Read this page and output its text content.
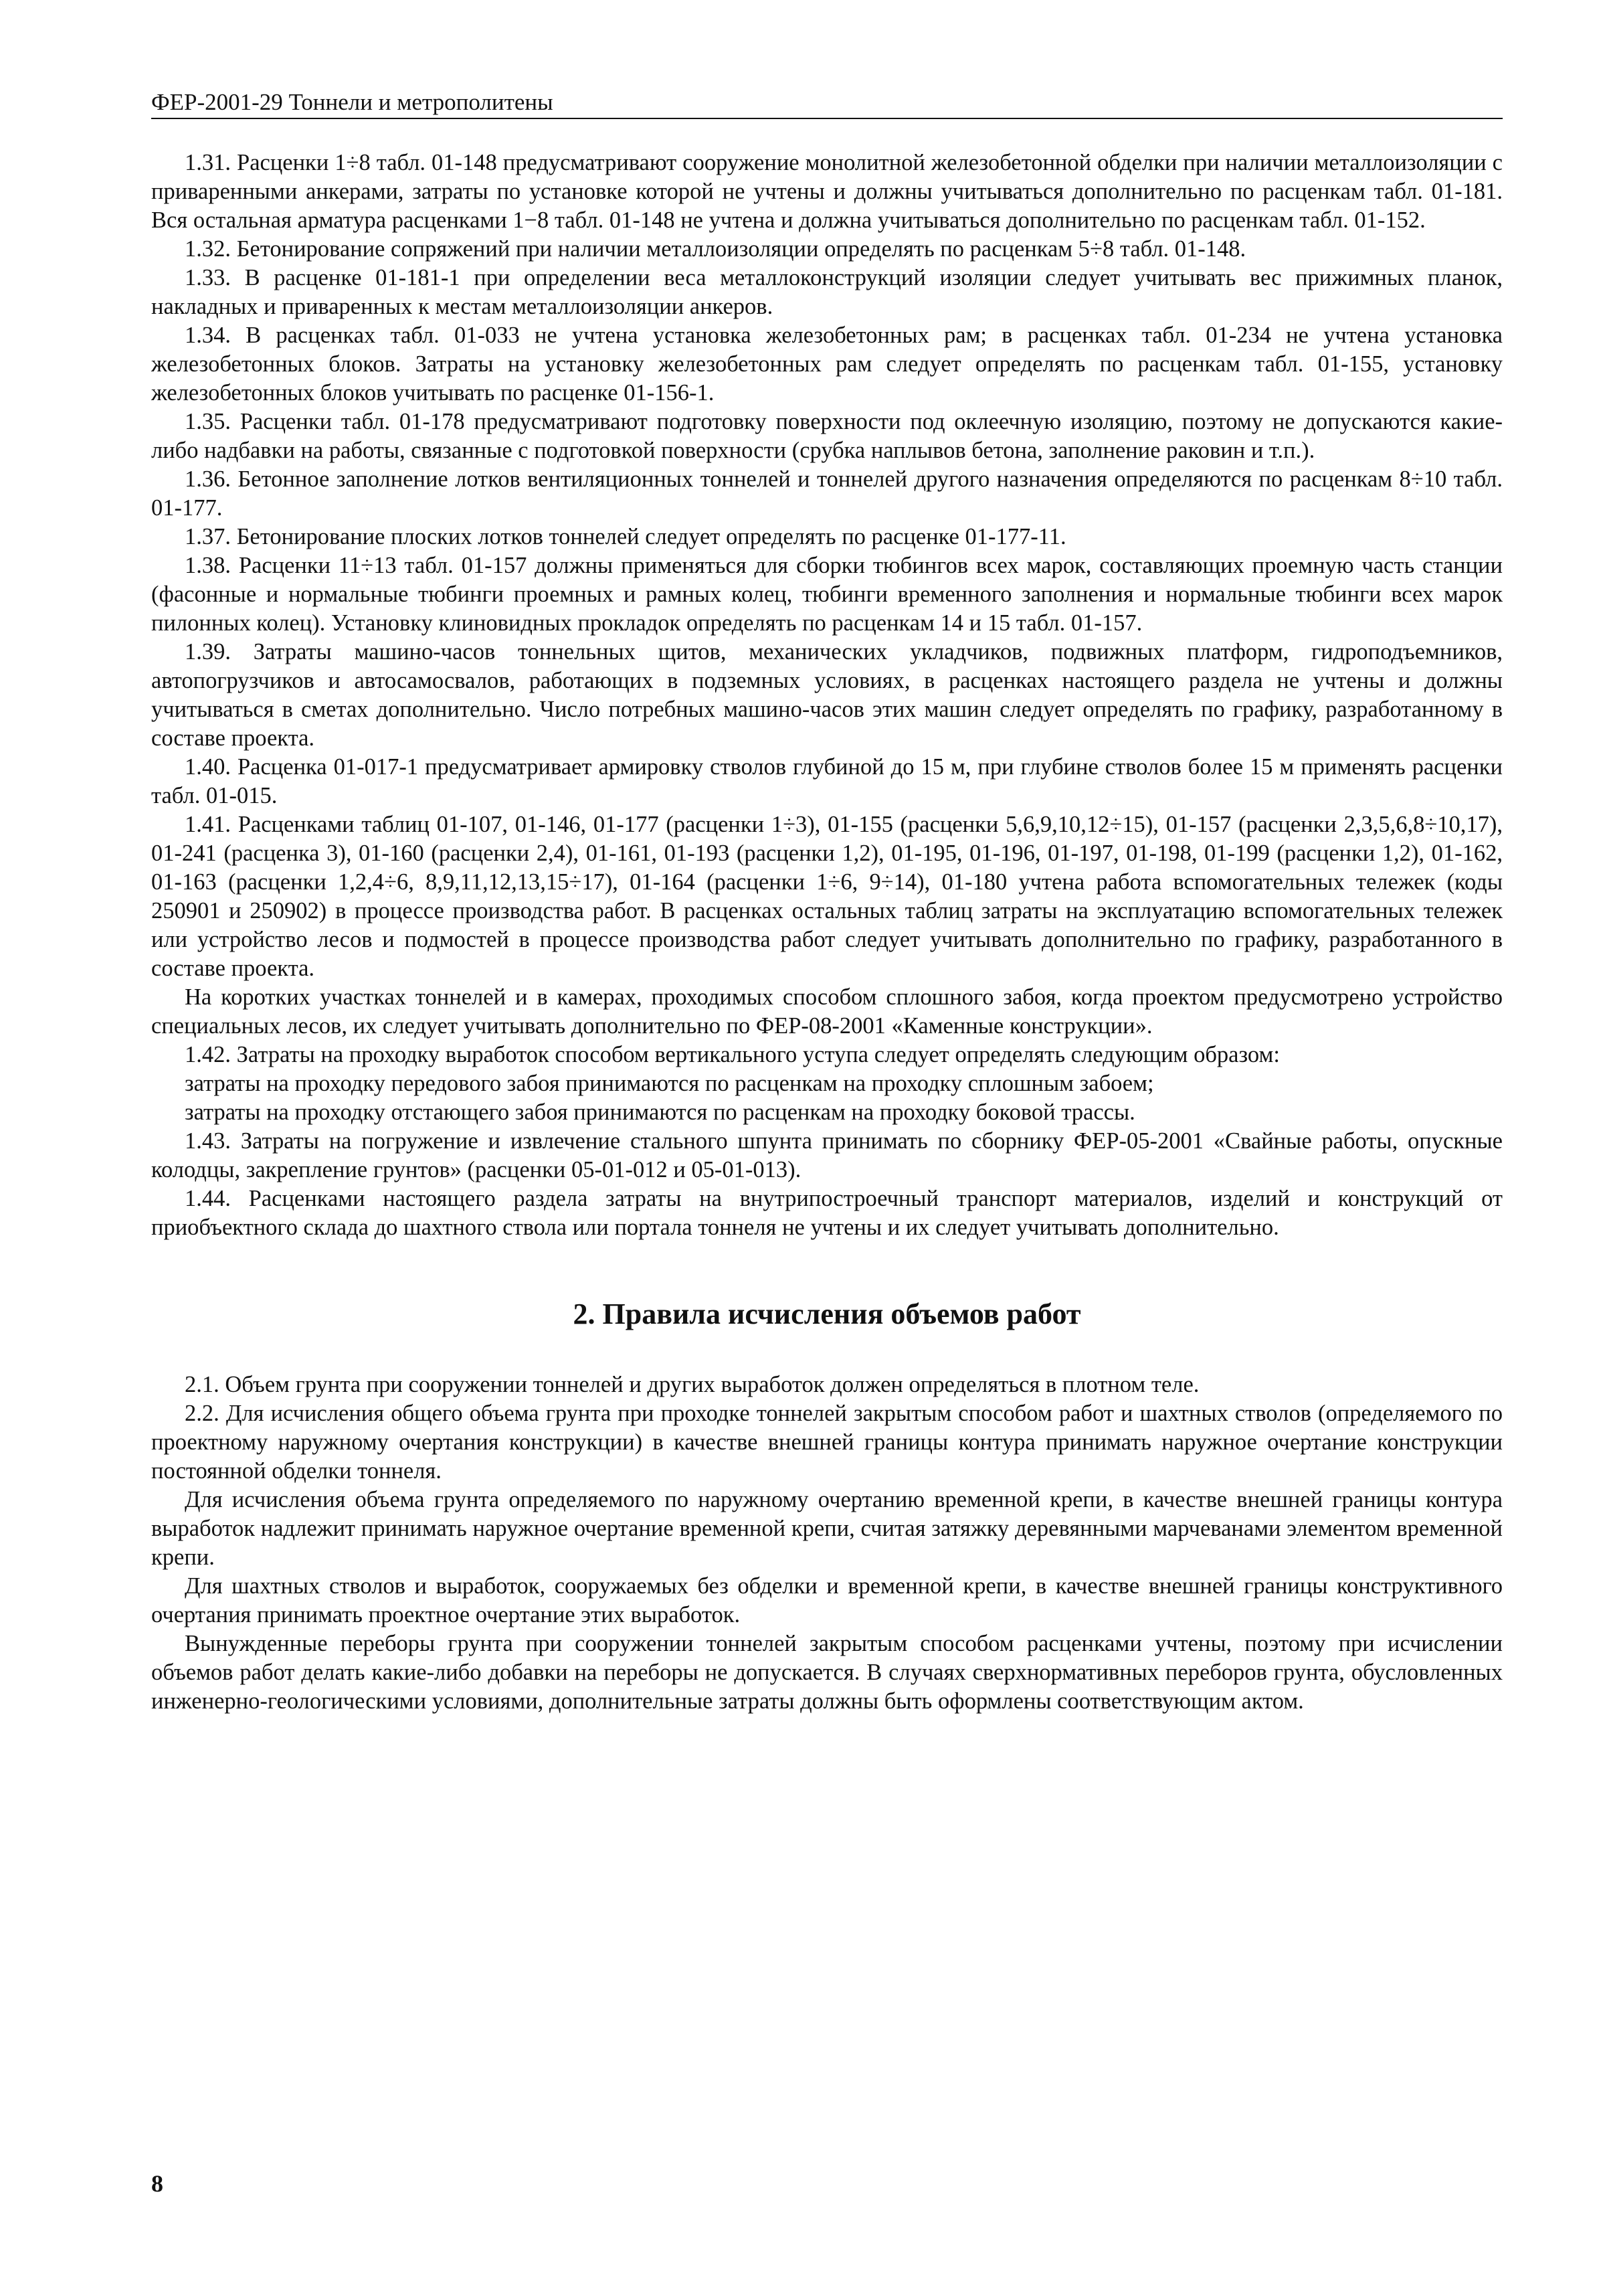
ФЕР-2001-29 Тоннели и метрополитены

1.31. Расценки 1÷8 табл. 01-148 предусматривают сооружение монолитной железобетонной обделки при наличии металлоизоляции с приваренными анкерами, затраты по установке которой не учтены и должны учитываться дополнительно по расценкам табл. 01-181. Вся остальная арматура расценками 1−8 табл. 01-148 не учтена и должна учитываться дополнительно по расценкам табл. 01-152.

1.32. Бетонирование сопряжений при наличии металлоизоляции определять по расценкам 5÷8 табл. 01-148.

1.33. В расценке 01-181-1 при определении веса металлоконструкций изоляции следует учитывать вес прижимных планок, накладных и приваренных к местам металлоизоляции анкеров.

1.34. В расценках табл. 01-033 не учтена установка железобетонных рам; в расценках табл. 01-234 не учтена установка железобетонных блоков. Затраты на установку железобетонных рам следует определять по расценкам табл. 01-155, установку железобетонных блоков учитывать по расценке 01-156-1.

1.35. Расценки табл. 01-178 предусматривают подготовку поверхности под оклеечную изоляцию, поэтому не допускаются какие-либо надбавки на работы, связанные с подготовкой поверхности (срубка наплывов бетона, заполнение раковин и т.п.).

1.36. Бетонное заполнение лотков вентиляционных тоннелей и тоннелей другого назначения определяются по расценкам 8÷10 табл. 01-177.

1.37. Бетонирование плоских лотков тоннелей следует определять по расценке 01-177-11.

1.38. Расценки 11÷13 табл. 01-157 должны применяться для сборки тюбингов всех марок, составляющих проемную часть станции (фасонные и нормальные тюбинги проемных и рамных колец, тюбинги временного заполнения и нормальные тюбинги всех марок пилонных колец). Установку клиновидных прокладок определять по расценкам 14 и 15 табл. 01-157.

1.39. Затраты машино-часов тоннельных щитов, механических укладчиков, подвижных платформ, гидроподъемников, автопогрузчиков и автосамосвалов, работающих в подземных условиях, в расценках настоящего раздела не учтены и должны учитываться в сметах дополнительно. Число потребных машино-часов этих машин следует определять по графику, разработанному в составе проекта.

1.40. Расценка 01-017-1 предусматривает армировку стволов глубиной до 15 м, при глубине стволов более 15 м применять расценки табл. 01-015.

1.41. Расценками таблиц 01-107, 01-146, 01-177 (расценки 1÷3), 01-155 (расценки 5,6,9,10,12÷15), 01-157 (расценки 2,3,5,6,8÷10,17), 01-241 (расценка 3), 01-160 (расценки 2,4), 01-161, 01-193 (расценки 1,2), 01-195, 01-196, 01-197, 01-198, 01-199 (расценки 1,2), 01-162, 01-163 (расценки 1,2,4÷6, 8,9,11,12,13,15÷17), 01-164 (расценки 1÷6, 9÷14), 01-180 учтена работа вспомогательных тележек (коды 250901 и 250902) в процессе производства работ. В расценках остальных таблиц затраты на эксплуатацию вспомогательных тележек или устройство лесов и подмостей в процессе производства работ следует учитывать дополнительно по графику, разработанного в составе проекта.

На коротких участках тоннелей и в камерах, проходимых способом сплошного забоя, когда проектом предусмотрено устройство специальных лесов, их следует учитывать дополнительно по ФЕР-08-2001 «Каменные конструкции».

1.42. Затраты на проходку выработок способом вертикального уступа следует определять следующим образом:

затраты на проходку передового забоя принимаются по расценкам на проходку сплошным забоем;

затраты на проходку отстающего забоя принимаются по расценкам на проходку боковой трассы.

1.43. Затраты на погружение и извлечение стального шпунта принимать по сборнику ФЕР-05-2001 «Свайные работы, опускные колодцы, закрепление грунтов» (расценки 05-01-012 и 05-01-013).

1.44. Расценками настоящего раздела затраты на внутрипостроечный транспорт материалов, изделий и конструкций от приобъектного склада до шахтного ствола или портала тоннеля не учтены и их следует учитывать дополнительно.

2. Правила исчисления объемов работ

2.1. Объем грунта при сооружении тоннелей и других выработок должен определяться в плотном теле.

2.2. Для исчисления общего объема грунта при проходке тоннелей закрытым способом работ и шахтных стволов (определяемого по проектному наружному очертания конструкции) в качестве внешней границы контура принимать наружное очертание конструкции постоянной обделки тоннеля.

Для исчисления объема грунта определяемого по наружному очертанию временной крепи, в качестве внешней границы контура выработок надлежит принимать наружное очертание временной крепи, считая затяжку деревянными марчеванами элементом временной крепи.

Для шахтных стволов и выработок, сооружаемых без обделки и временной крепи, в качестве внешней границы конструктивного очертания принимать проектное очертание этих выработок.

Вынужденные переборы грунта при сооружении тоннелей закрытым способом расценками учтены, поэтому при исчислении объемов работ делать какие-либо добавки на переборы не допускается. В случаях сверхнормативных переборов грунта, обусловленных инженерно-геологическими условиями, дополнительные затраты должны быть оформлены соответствующим актом.

8
